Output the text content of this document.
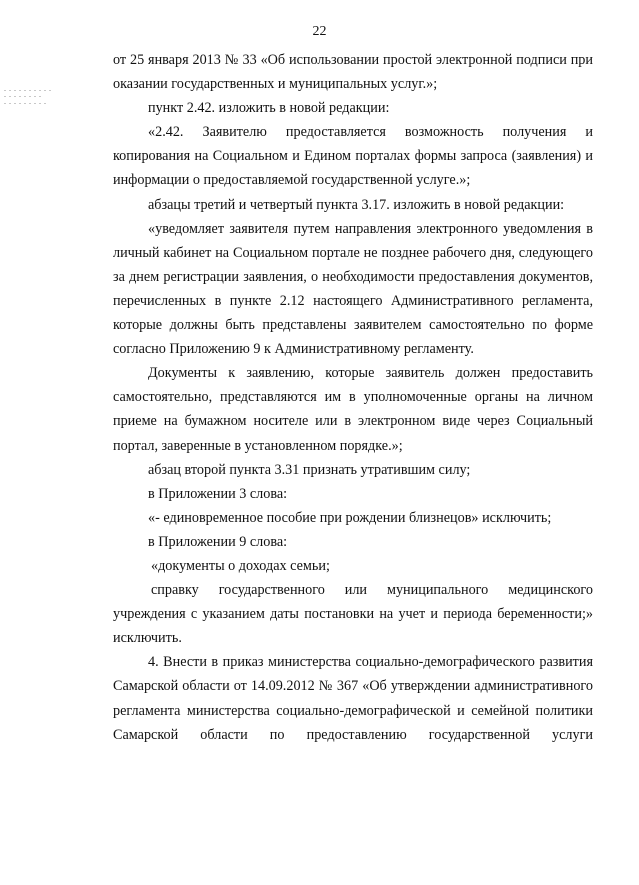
22

от 25 января 2013 № 33 «Об использовании простой электронной подписи при оказании государственных и муниципальных услуг.»;

пункт 2.42. изложить в новой редакции:

«2.42. Заявителю предоставляется возможность получения и копирования на Социальном и Едином порталах формы запроса (заявления) и информации о предоставляемой государственной услуге.»;

абзацы третий и четвертый пункта 3.17. изложить в новой редакции:

«уведомляет заявителя путем направления электронного уведомления в личный кабинет на Социальном портале не позднее рабочего дня, следующего за днем регистрации заявления, о необходимости предоставления документов, перечисленных в пункте 2.12 настоящего Административного регламента, которые должны быть представлены заявителем самостоятельно по форме согласно Приложению 9 к Административному регламенту.

Документы к заявлению, которые заявитель должен предоставить самостоятельно, представляются им в уполномоченные органы на личном приеме на бумажном носителе или в электронном виде через Социальный портал, заверенные в установленном порядке.»;

абзац второй пункта 3.31 признать утратившим силу;

в Приложении 3 слова:

«- единовременное пособие при рождении близнецов» исключить;

в Приложении 9 слова:

«документы о доходах семьи;

справку государственного или муниципального медицинского учреждения с указанием даты постановки на учет и периода беременности;» исключить.

4. Внести в приказ министерства социально-демографического развития Самарской области от 14.09.2012 № 367 «Об утверждении административного регламента министерства социально-демографической и семейной политики Самарской области по предоставлению государственной услуги
